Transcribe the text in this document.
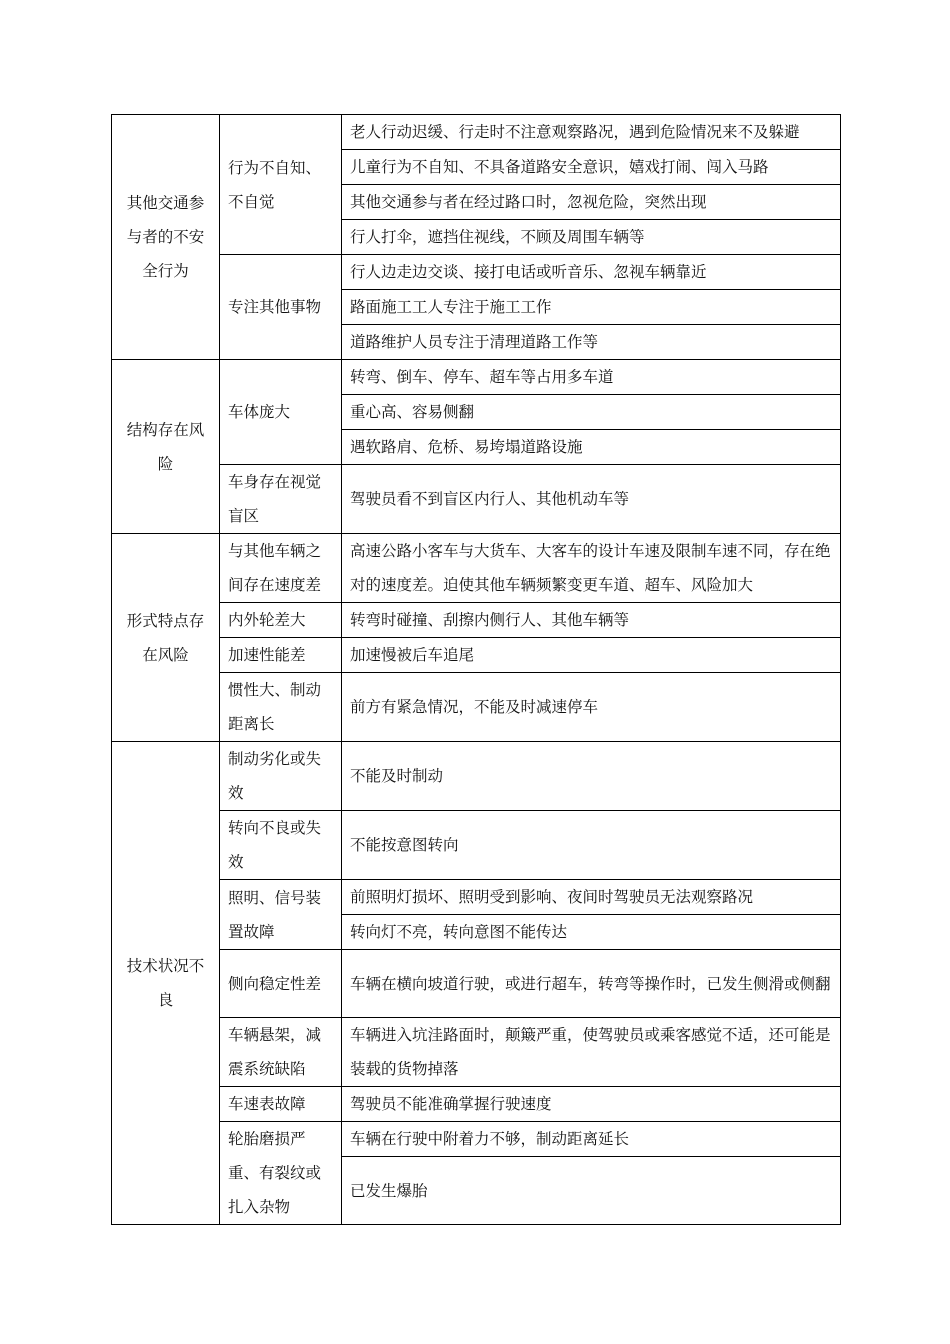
其他交通参与者的不安全行为	行为不自知、不自觉	老人行动迟缓、行走时不注意观察路况，遇到危险情况来不及躲避
		儿童行为不自知、不具备道路安全意识，嬉戏打闹、闯入马路
		其他交通参与者在经过路口时，忽视危险，突然出现
		行人打伞，遮挡住视线，不顾及周围车辆等
	专注其他事物	行人边走边交谈、接打电话或听音乐、忽视车辆靠近
		路面施工工人专注于施工工作
		道路维护人员专注于清理道路工作等
结构存在风险	车体庞大	转弯、倒车、停车、超车等占用多车道
		重心高、容易侧翻
		遇软路肩、危桥、易垮塌道路设施
	车身存在视觉盲区	驾驶员看不到盲区内行人、其他机动车等
形式特点存在风险	与其他车辆之间存在速度差	高速公路小客车与大货车、大客车的设计车速及限制车速不同，存在绝对的速度差。迫使其他车辆频繁变更车道、超车、风险加大
	内外轮差大	转弯时碰撞、刮擦内侧行人、其他车辆等
	加速性能差	加速慢被后车追尾
	惯性大、制动距离长	前方有紧急情况，不能及时减速停车
技术状况不良	制动劣化或失效	不能及时制动
	转向不良或失效	不能按意图转向
	照明、信号装置故障	前照明灯损坏、照明受到影响、夜间时驾驶员无法观察路况
		转向灯不亮，转向意图不能传达
	侧向稳定性差	车辆在横向坡道行驶，或进行超车，转弯等操作时，已发生侧滑或侧翻
	车辆悬架，减震系统缺陷	车辆进入坑洼路面时，颠簸严重，使驾驶员或乘客感觉不适，还可能是装载的货物掉落
	车速表故障	驾驶员不能准确掌握行驶速度
	轮胎磨损严重、有裂纹或扎入杂物	车辆在行驶中附着力不够，制动距离延长
		已发生爆胎
